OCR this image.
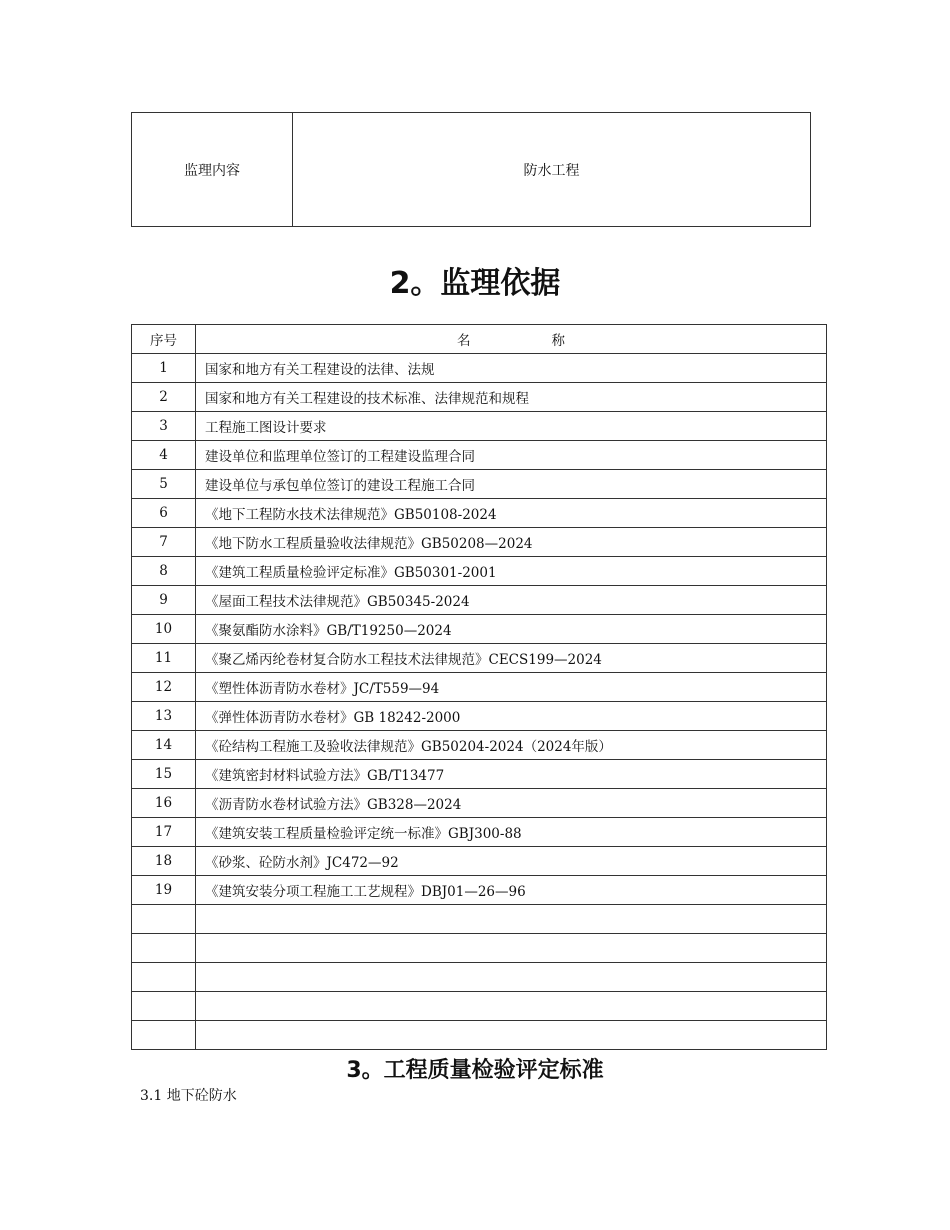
监理内容	防水工程
2。监理依据
序号	名　　　　　　称
1	国家和地方有关工程建设的法律、法规
2	国家和地方有关工程建设的技术标准、法律规范和规程
3	工程施工图设计要求
4	建设单位和监理单位签订的工程建设监理合同
5	建设单位与承包单位签订的建设工程施工合同
6	《地下工程防水技术法律规范》GB50108-2024
7	《地下防水工程质量验收法律规范》GB50208—2024
8	《建筑工程质量检验评定标准》GB50301-2001
9	《屋面工程技术法律规范》GB50345-2024
10	《聚氨酯防水涂料》GB/T19250—2024
11	《聚乙烯丙纶卷材复合防水工程技术法律规范》CECS199—2024
12	《塑性体沥青防水卷材》JC/T559—94
13	《弹性体沥青防水卷材》GB 18242-2000
14	《砼结构工程施工及验收法律规范》GB50204-2024（2024年版）
15	《建筑密封材料试验方法》GB/T13477
16	《沥青防水卷材试验方法》GB328—2024
17	《建筑安装工程质量检验评定统一标准》GBJ300-88
18	《砂浆、砼防水剂》JC472—92
19	《建筑安装分项工程施工工艺规程》DBJ01—26—96

3。工程质量检验评定标准
3.1 地下砼防水
